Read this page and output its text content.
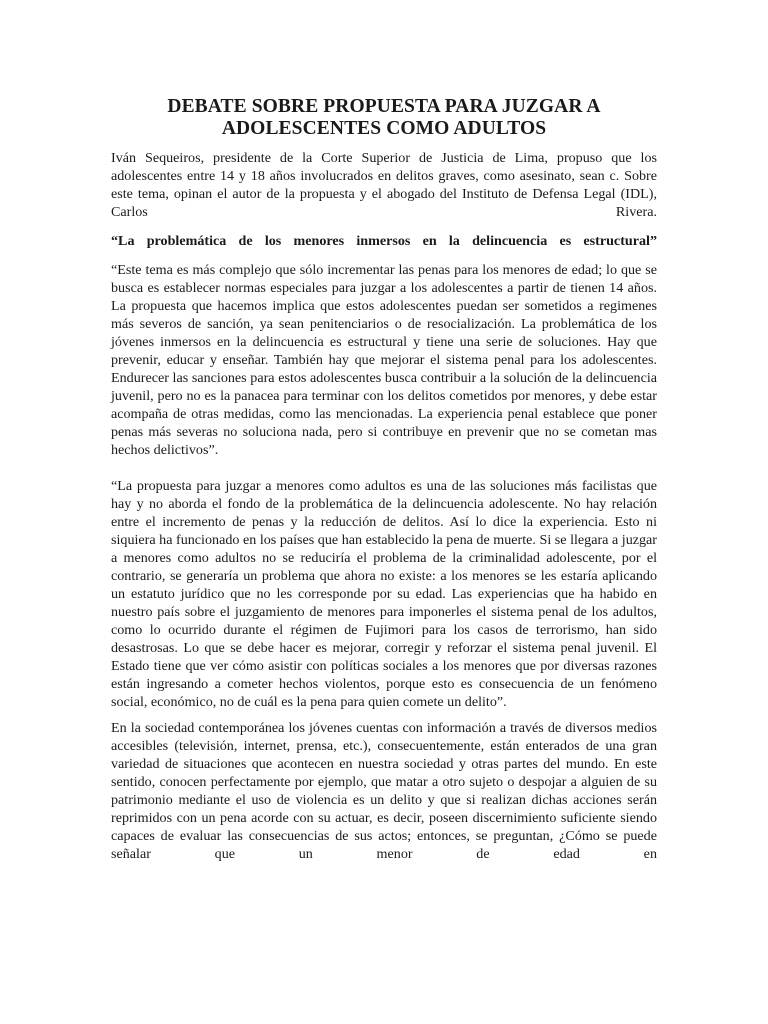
DEBATE SOBRE PROPUESTA PARA JUZGAR A
ADOLESCENTES COMO ADULTOS

Iván Sequeiros, presidente de la Corte Superior de Justicia de Lima, propuso que los adolescentes entre 14 y 18 años involucrados en delitos graves, como asesinato, sean c. Sobre este tema, opinan el autor de la propuesta y el abogado del Instituto de Defensa Legal (IDL), Carlos Rivera.

“La problemática de los menores inmersos en la delincuencia es estructural”

“Este tema es más complejo que sólo incrementar las penas para los menores de edad; lo que se busca es establecer normas especiales para juzgar a los adolescentes a partir de tienen 14 años. La propuesta que hacemos implica que estos adolescentes puedan ser sometidos a regimenes más severos de sanción, ya sean penitenciarios o de resocialización. La problemática de los jóvenes inmersos en la delincuencia es estructural y tiene una serie de soluciones. Hay que prevenir, educar y enseñar. También hay que mejorar el sistema penal para los adolescentes. Endurecer las sanciones para estos adolescentes busca contribuir a la solución de la delincuencia juvenil, pero no es la panacea para terminar con los delitos cometidos por menores, y debe estar acompaña de otras medidas, como las mencionadas. La experiencia penal establece que poner penas más severas no soluciona nada, pero si contribuye en prevenir que no se cometan mas hechos delictivos”.

“La propuesta para juzgar a menores como adultos es una de las soluciones más facilistas que hay y no aborda el fondo de la problemática de la delincuencia adolescente. No hay relación entre el incremento de penas y la reducción de delitos. Así lo dice la experiencia. Esto ni siquiera ha funcionado en los países que han establecido la pena de muerte. Si se llegara a juzgar a menores como adultos no se reduciría el problema de la criminalidad adolescente, por el contrario, se generaría un problema que ahora no existe: a los menores se les estaría aplicando un estatuto jurídico que no les corresponde por su edad. Las experiencias que ha habido en nuestro país sobre el juzgamiento de menores para imponerles el sistema penal de los adultos, como lo ocurrido durante el régimen de Fujimori para los casos de terrorismo, han sido desastrosas. Lo que se debe hacer es mejorar, corregir y reforzar el sistema penal juvenil. El Estado tiene que ver cómo asistir con políticas sociales a los menores que por diversas razones están ingresando a cometer hechos violentos, porque esto es consecuencia de un fenómeno social, económico, no de cuál es la pena para quien comete un delito”.

En la sociedad contemporánea los jóvenes cuentas con información a través de diversos medios accesibles (televisión, internet, prensa, etc.), consecuentemente, están enterados de una gran variedad de situaciones que acontecen en nuestra sociedad y otras partes del mundo. En este sentido, conocen perfectamente por ejemplo, que matar a otro sujeto o despojar a alguien de su patrimonio mediante el uso de violencia es un delito y que si realizan dichas acciones serán reprimidos con un pena acorde con su actuar, es decir, poseen discernimiento suficiente siendo capaces de evaluar las consecuencias de sus actos; entonces, se preguntan, ¿Cómo se puede señalar que un menor de edad en
